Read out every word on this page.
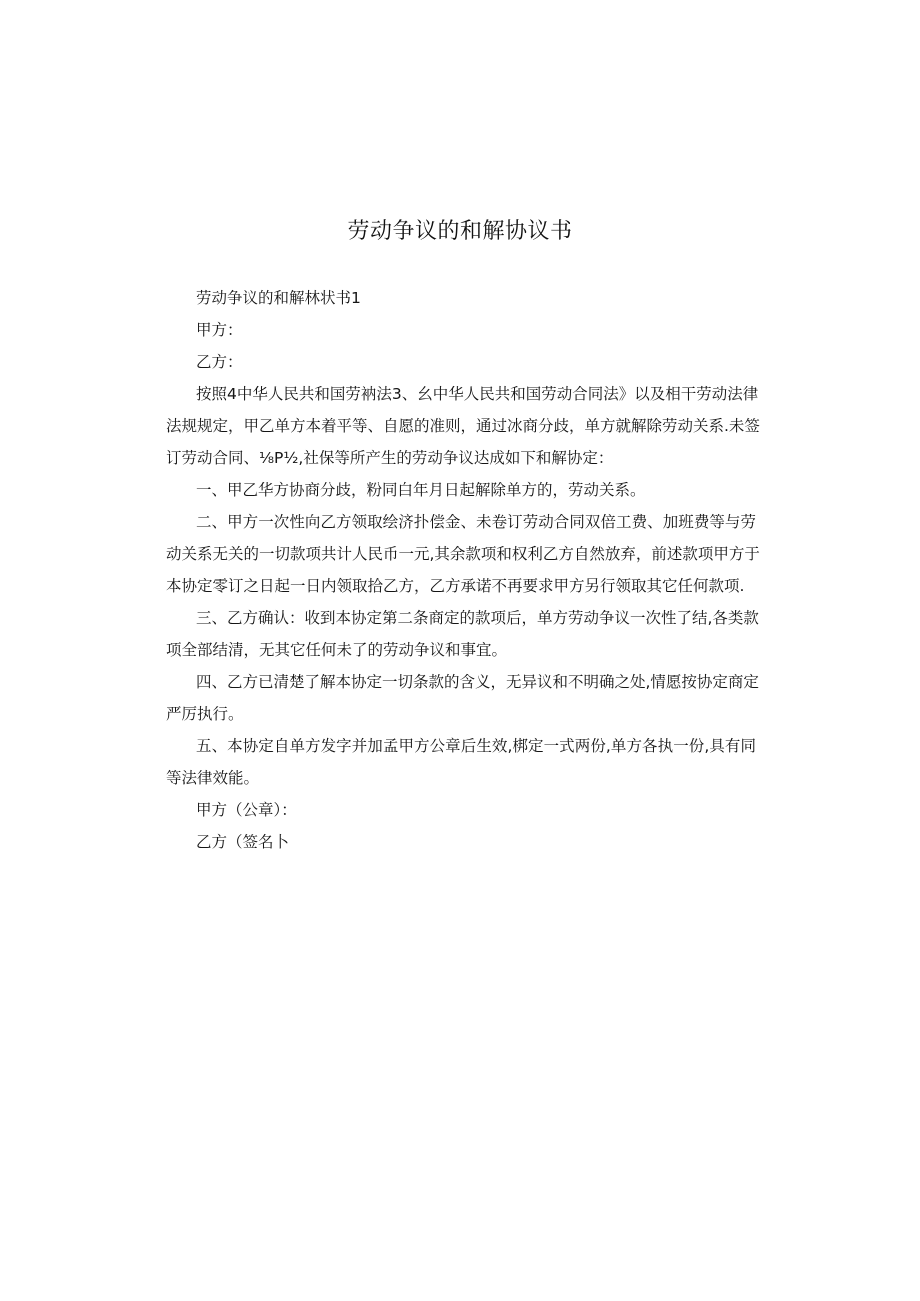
劳动争议的和解协议书

劳动争议的和解林状书1

甲方：

乙方：

按照4中华人民共和国劳衲法3、幺中华人民共和国劳动合同法》以及相干劳动法律

法规规定，甲乙单方本着平等、自愿的准则，通过冰商分歧，单方就解除劳动关系.未签

订劳动合同、⅛P½,社保等所产生的劳动争议达成如下和解协定：

一、甲乙华方协商分歧，粉同白年月日起解除单方的，劳动关系。

二、甲方一次性向乙方领取绘济扑偿金、未卷订劳动合同双倍工费、加班费等与劳

动关系无关的一切款项共计人民币一元,其余款项和权利乙方自然放弃，前述款项甲方于

本协定零订之日起一日内领取拾乙方，乙方承诺不再要求甲方另行领取其它任何款项.

三、乙方确认：收到本协定第二条商定的款项后，单方劳动争议一次性了结,各类款

项全部结清，无其它任何未了的劳动争议和事宜。

四、乙方已清楚了解本协定一切条款的含义，无异议和不明确之处,情愿按协定商定

严厉执行。

五、本协定自单方发字并加孟甲方公章后生效,梆定一式两份,单方各执一份,具有同

等法律效能。

甲方（公章）：

乙方（签名卜
